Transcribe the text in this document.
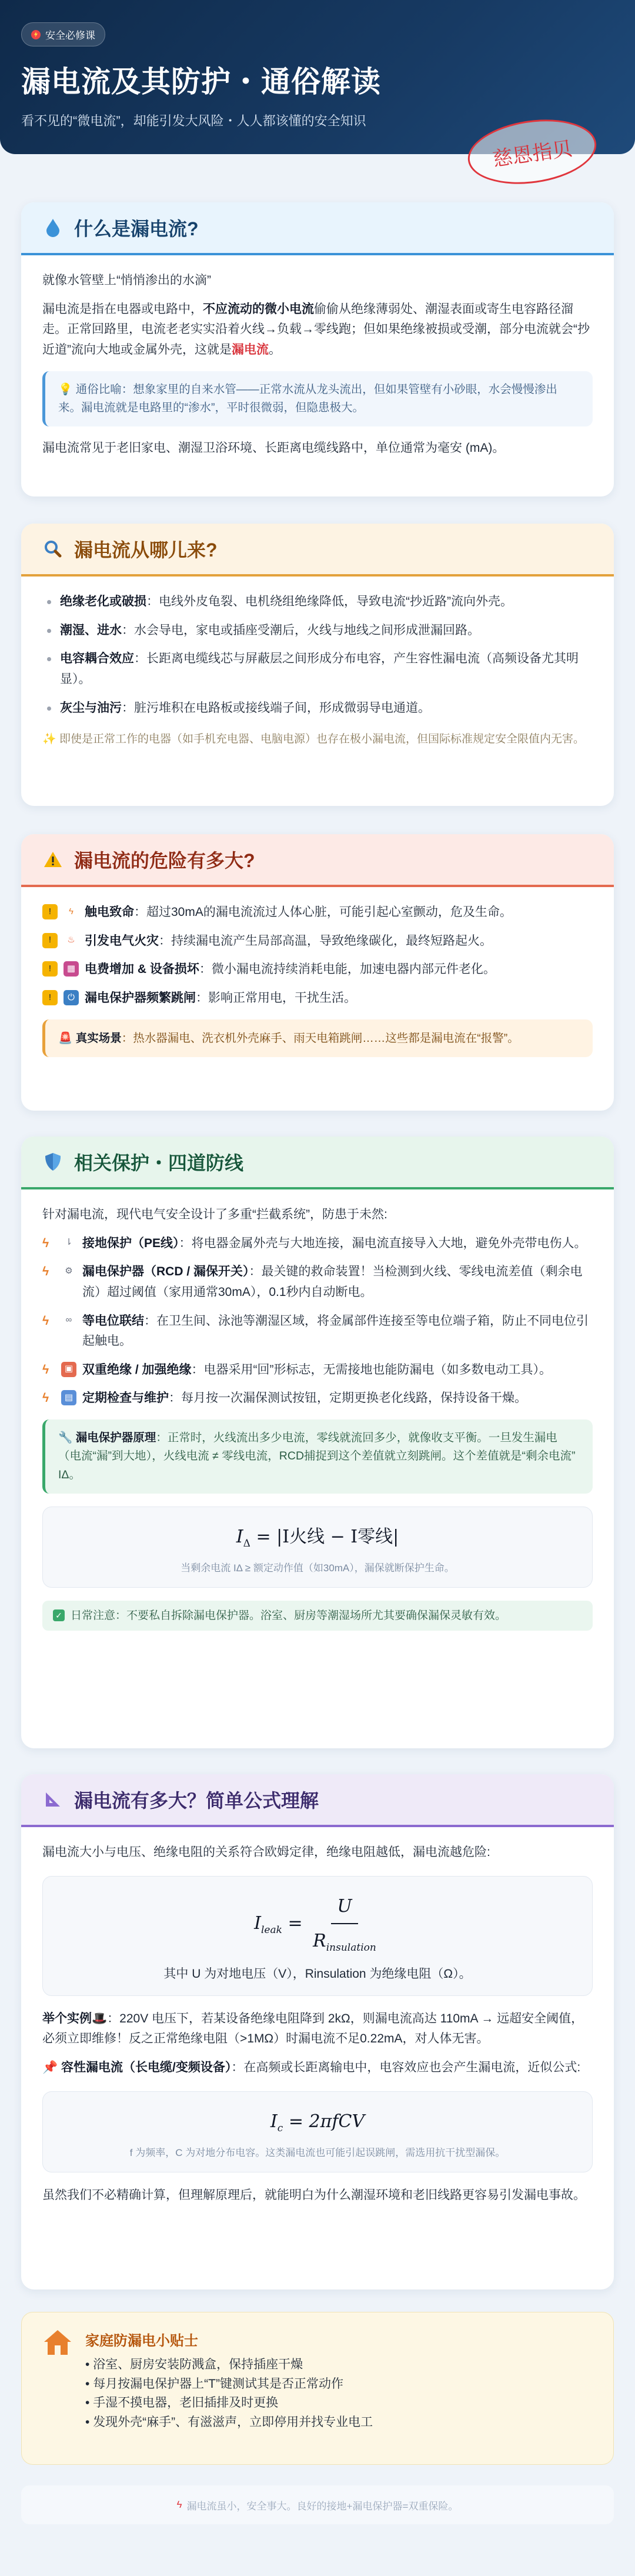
安全必修课
漏电流及其防护・通俗解读
看不见的“微电流”，却能引发大风险・人人都该懂的安全知识
慈恩指贝
什么是漏电流?
就像水管壁上“悄悄渗出的水滴”
漏电流是指在电器或电路中，不应流动的微小电流偷偷从绝缘薄弱处、潮湿表面或寄生电容路径溜走。正常回路里，电流老老实实沿着火线→负载→零线跑；但如果绝缘被损或受潮，部分电流就会“抄近道”流向大地或金属外壳，这就是漏电流。
💡 通俗比喻：想象家里的自来水管——正常水流从龙头流出，但如果管壁有小砂眼，水会慢慢渗出来。漏电流就是电路里的“渗水”，平时很微弱，但隐患极大。
漏电流常见于老旧家电、潮湿卫浴环境、长距离电缆线路中，单位通常为毫安 (mA)。
漏电流从哪儿来?
绝缘老化或破损：电线外皮龟裂、电机绕组绝缘降低，导致电流“抄近路”流向外壳。
潮湿、进水：水会导电，家电或插座受潮后，火线与地线之间形成泄漏回路。
电容耦合效应：长距离电缆线芯与屏蔽层之间形成分布电容，产生容性漏电流（高频设备尤其明显）。
灰尘与油污：脏污堆积在电路板或接线端子间，形成微弱导电通道。
✨ 即使是正常工作的电器（如手机充电器、电脑电源）也存在极小漏电流，但国际标准规定安全限值内无害。
漏电流的危险有多大?
!	ϟ 触电致命：超过30mA的漏电流流过人体心脏，可能引起心室颤动，危及生命。
!	♨ 引发电气火灾：持续漏电流产生局部高温，导致绝缘碳化，最终短路起火。
!	▦ 电费增加 & 设备损坏：微小漏电流持续消耗电能，加速电器内部元件老化。
!	⏻ 漏电保护器频繁跳闸：影响正常用电，干扰生活。
🚨 真实场景：热水器漏电、洗衣机外壳麻手、雨天电箱跳闸……这些都是漏电流在“报警”。
相关保护・四道防线
针对漏电流，现代电气安全设计了多重“拦截系统”，防患于未然:
ϟ	⇂ 接地保护（PE线）：将电器金属外壳与大地连接，漏电流直接导入大地，避免外壳带电伤人。
ϟ	⚙ 漏电保护器（RCD / 漏保开关）：最关键的救命装置！当检测到火线、零线电流差值（剩余电流）超过阈值（家用通常30mA），0.1秒内自动断电。
ϟ	∞ 等电位联结：在卫生间、泳池等潮湿区域，将金属部件连接至等电位端子箱，防止不同电位引起触电。
ϟ	▣ 双重绝缘 / 加强绝缘：电器采用“回”形标志，无需接地也能防漏电（如多数电动工具）。
ϟ	▤ 定期检查与维护：每月按一次漏保测试按钮，定期更换老化线路，保持设备干燥。
🔧 漏电保护器原理：正常时，火线流出多少电流，零线就流回多少，就像收支平衡。一旦发生漏电（电流“漏”到大地），火线电流 ≠ 零线电流，RCD捕捉到这个差值就立刻跳闸。这个差值就是“剩余电流” IΔ。
$I_\Delta = |I$火线 − I零线|
当剩余电流 IΔ ≥ 额定动作值（如30mA），漏保就断保护生命。
✓ 日常注意：不要私自拆除漏电保护器。浴室、厨房等潮湿场所尤其要确保漏保灵敏有效。
漏电流有多大？简单公式理解
漏电流大小与电压、绝缘电阻的关系符合欧姆定律，绝缘电阻越低，漏电流越危险:
$I_{leak} = \frac{U}{R_{insulation}}$
其中 U 为对地电压（V），Rinsulation 为绝缘电阻（Ω）。
举个实例🎩：220V 电压下，若某设备绝缘电阻降到 2kΩ，则漏电流高达 110mA → 远超安全阈值，必须立即维修！反之正常绝缘电阻（>1MΩ）时漏电流不足0.22mA，对人体无害。
📌 容性漏电流（长电缆/变频设备）：在高频或长距离输电中，电容效应也会产生漏电流，近似公式:
$I_c = 2\pi fCV$
f 为频率，C 为对地分布电容。这类漏电流也可能引起误跳闸，需选用抗干扰型漏保。
虽然我们不必精确计算，但理解原理后，就能明白为什么潮湿环境和老旧线路更容易引发漏电事故。
家庭防漏电小贴士
• 浴室、厨房安装防溅盒，保持插座干燥
• 每月按漏电保护器上“T”键测试其是否正常动作
• 手湿不摸电器，老旧插排及时更换
• 发现外壳“麻手”、有滋滋声，立即停用并找专业电工
ϟ 漏电流虽小，安全事大。良好的接地+漏电保护器=双重保险。
